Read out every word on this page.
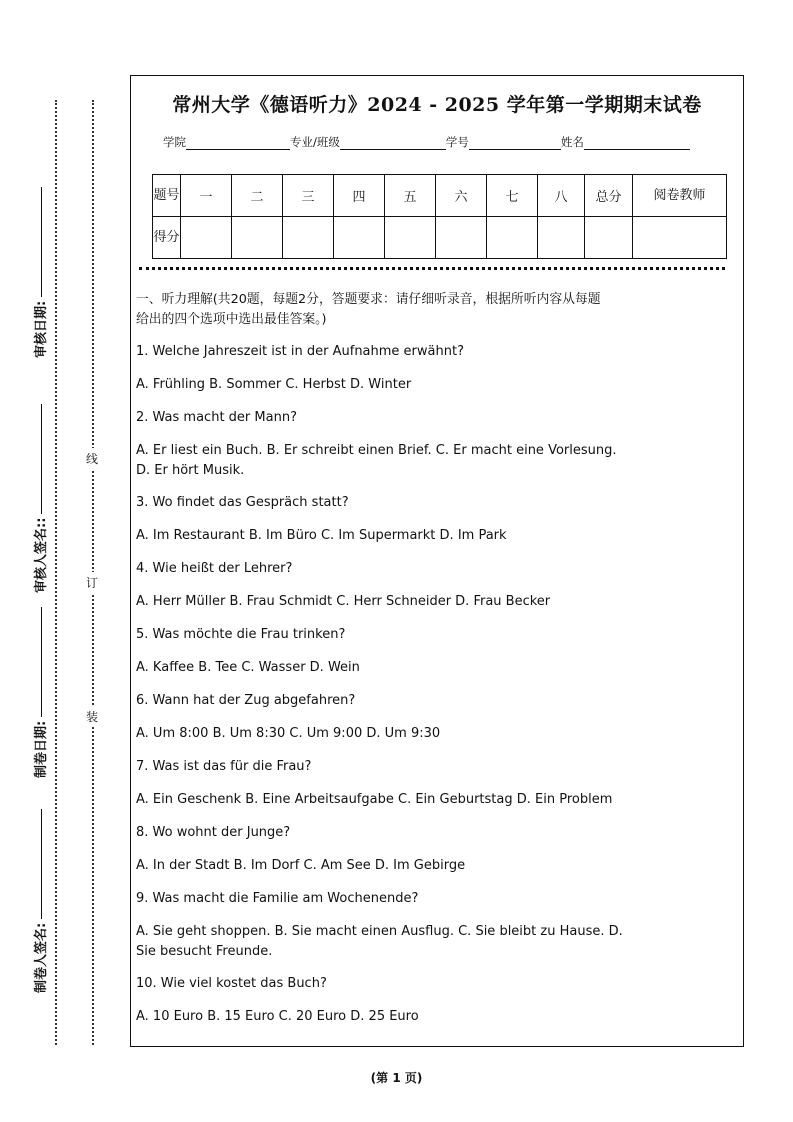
审核日期:
审核人签名::
制卷日期:
制卷人签名:
线
订
装
常州大学《德语听力》2024 - 2025 学年第一学期期末试卷
学院	专业/班级	学号	姓名
题号	一	二	三	四	五	六	七	八	总分	阅卷教师
得分										

一、听力理解(共20题，每题2分，答题要求：请仔细听录音，根据所听内容从每题

给出的四个选项中选出最佳答案。)

1. Welche Jahreszeit ist in der Aufnahme erwähnt?

A. Frühling B. Sommer C. Herbst D. Winter

2. Was macht der Mann?

A. Er liest ein Buch. B. Er schreibt einen Brief. C. Er macht eine Vorlesung.

D. Er hört Musik.

3. Wo findet das Gespräch statt?

A. Im Restaurant B. Im Büro C. Im Supermarkt D. Im Park

4. Wie heißt der Lehrer?

A. Herr Müller B. Frau Schmidt C. Herr Schneider D. Frau Becker

5. Was möchte die Frau trinken?

A. Kaffee B. Tee C. Wasser D. Wein

6. Wann hat der Zug abgefahren?

A. Um 8:00 B. Um 8:30 C. Um 9:00 D. Um 9:30

7. Was ist das für die Frau?

A. Ein Geschenk B. Eine Arbeitsaufgabe C. Ein Geburtstag D. Ein Problem

8. Wo wohnt der Junge?

A. In der Stadt B. Im Dorf C. Am See D. Im Gebirge

9. Was macht die Familie am Wochenende?

A. Sie geht shoppen. B. Sie macht einen Ausflug. C. Sie bleibt zu Hause. D.

Sie besucht Freunde.

10. Wie viel kostet das Buch?

A. 10 Euro B. 15 Euro C. 20 Euro D. 25 Euro

(第 1 页)
